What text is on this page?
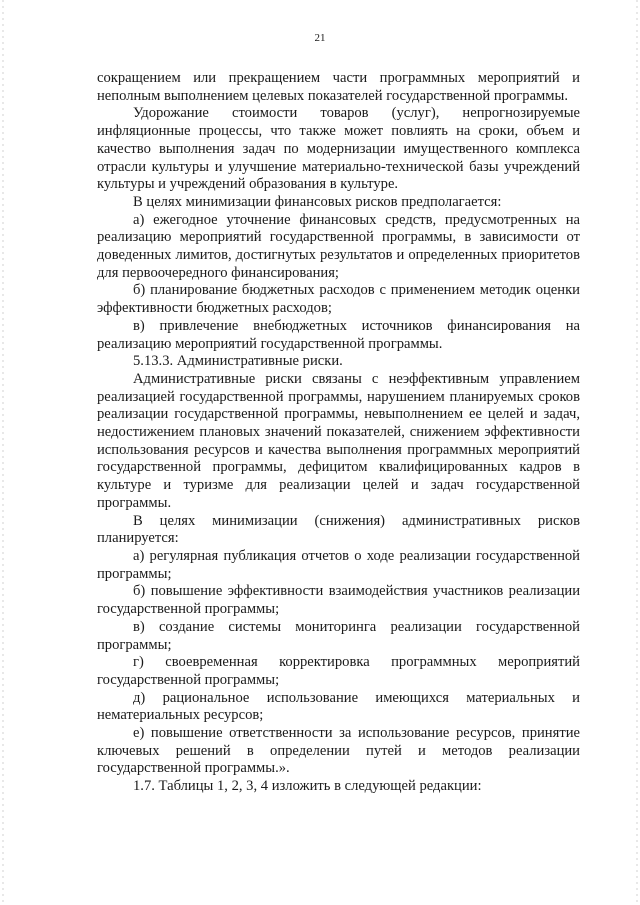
21

сокращением или прекращением части программных мероприятий и неполным выполнением целевых показателей государственной программы.

Удорожание стоимости товаров (услуг), непрогнозируемые инфляционные процессы, что также может повлиять на сроки, объем и качество выполнения задач по модернизации имущественного комплекса отрасли культуры и улучшение материально-технической базы учреждений культуры и учреждений образования в культуре.

В целях минимизации финансовых рисков предполагается:

а) ежегодное уточнение финансовых средств, предусмотренных на реализацию мероприятий государственной программы, в зависимости от доведенных лимитов, достигнутых результатов и определенных приоритетов для первоочередного финансирования;

б) планирование бюджетных расходов с применением методик оценки эффективности бюджетных расходов;

в) привлечение внебюджетных источников финансирования на реализацию мероприятий государственной программы.

5.13.3. Административные риски.

Административные риски связаны с неэффективным управлением реализацией государственной программы, нарушением планируемых сроков реализации государственной программы, невыполнением ее целей и задач, недостижением плановых значений показателей, снижением эффективности использования ресурсов и качества выполнения программных мероприятий государственной программы, дефицитом квалифицированных кадров в культуре и туризме для реализации целей и задач государственной программы.

В целях минимизации (снижения) административных рисков планируется:

а) регулярная публикация отчетов о ходе реализации государственной программы;

б) повышение эффективности взаимодействия участников реализации государственной программы;

в) создание системы мониторинга реализации государственной программы;

г) своевременная корректировка программных мероприятий государственной программы;

д) рациональное использование имеющихся материальных и нематериальных ресурсов;

е) повышение ответственности за использование ресурсов, принятие ключевых решений в определении путей и методов реализации государственной программы.».

1.7. Таблицы 1, 2, 3, 4 изложить в следующей редакции:
